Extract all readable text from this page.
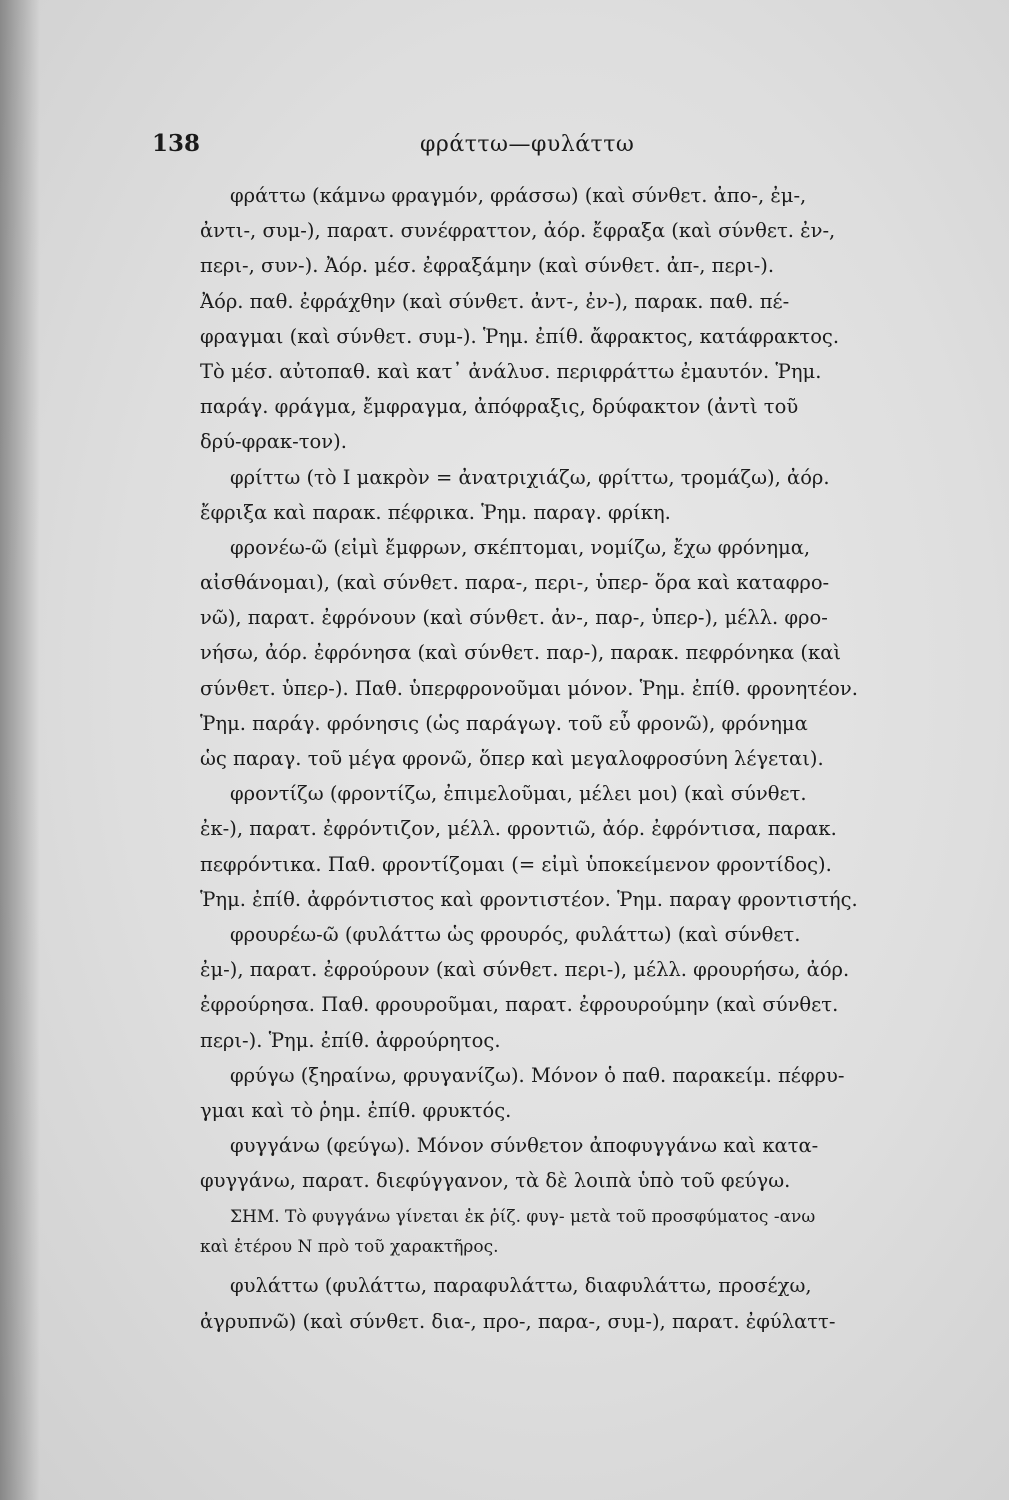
138	φράττω—φυλάττω
φράττω (κάμνω φραγμόν, φράσσω) (καὶ σύνθετ. ἀπο-, ἐμ-,
ἀντι-, συμ-), παρατ. συνέφραττον, ἀόρ. ἔφραξα (καὶ σύνθετ. ἐν-,
περι-, συν-). Ἀόρ. μέσ. ἐφραξάμην (καὶ σύνθετ. ἀπ-, περι-).
Ἀόρ. παθ. ἐφράχθην (καὶ σύνθετ. ἀντ-, ἐν-), παρακ. παθ. πέ-
φραγμαι (καὶ σύνθετ. συμ-). Ῥημ. ἐπίθ. ἄφρακτος, κατάφρακτος.
Τὸ μέσ. αὐτοπαθ. καὶ κατ᾽ ἀνάλυσ. περιφράττω ἐμαυτόν. Ῥημ.
παράγ. φράγμα, ἔμφραγμα, ἀπόφραξις, δρύφακτον (ἀντὶ τοῦ
δρύ-φρακ-τον).
φρίττω (τὸ Ι μακρὸν = ἀνατριχιάζω, φρίττω, τρομάζω), ἀόρ.
ἔφριξα καὶ παρακ. πέφρικα. Ῥημ. παραγ. φρίκη.
φρονέω-ῶ (εἰμὶ ἔμφρων, σκέπτομαι, νομίζω, ἔχω φρόνημα,
αἰσθάνομαι), (καὶ σύνθετ. παρα-, περι-, ὑπερ- ὅρα καὶ καταφρο-
νῶ), παρατ. ἐφρόνουν (καὶ σύνθετ. ἀν-, παρ-, ὑπερ-), μέλλ. φρο-
νήσω, ἀόρ. ἐφρόνησα (καὶ σύνθετ. παρ-), παρακ. πεφρόνηκα (καὶ
σύνθετ. ὑπερ-). Παθ. ὑπερφρονοῦμαι μόνον. Ῥημ. ἐπίθ. φρονητέον.
Ῥημ. παράγ. φρόνησις (ὡς παράγωγ. τοῦ εὖ φρονῶ), φρόνημα
ὡς παραγ. τοῦ μέγα φρονῶ, ὅπερ καὶ μεγαλοφροσύνη λέγεται).
φροντίζω (φροντίζω, ἐπιμελοῦμαι, μέλει μοι) (καὶ σύνθετ.
ἐκ-), παρατ. ἐφρόντιζον, μέλλ. φροντιῶ, ἀόρ. ἐφρόντισα, παρακ.
πεφρόντικα. Παθ. φροντίζομαι (= εἰμὶ ὑποκείμενον φροντίδος).
Ῥημ. ἐπίθ. ἀφρόντιστος καὶ φροντιστέον. Ῥημ. παραγ φροντιστής.
φρουρέω-ῶ (φυλάττω ὡς φρουρός, φυλάττω) (καὶ σύνθετ.
ἐμ-), παρατ. ἐφρούρουν (καὶ σύνθετ. περι-), μέλλ. φρουρήσω, ἀόρ.
ἐφρούρησα. Παθ. φρουροῦμαι, παρατ. ἐφρουρούμην (καὶ σύνθετ.
περι-). Ῥημ. ἐπίθ. ἀφρούρητος.
φρύγω (ξηραίνω, φρυγανίζω). Μόνον ὁ παθ. παρακείμ. πέφρυ-
γμαι καὶ τὸ ῥημ. ἐπίθ. φρυκτός.
φυγγάνω (φεύγω). Μόνον σύνθετον ἀποφυγγάνω καὶ κατα-
φυγγάνω, παρατ. διεφύγγανον, τὰ δὲ λοιπὰ ὑπὸ τοῦ φεύγω.
ΣΗΜ. Τὸ φυγγάνω γίνεται ἐκ ῥίζ. φυγ- μετὰ τοῦ προσφύματος -ανω
καὶ ἑτέρου Ν πρὸ τοῦ χαρακτῆρος.
φυλάττω (φυλάττω, παραφυλάττω, διαφυλάττω, προσέχω,
ἀγρυπνῶ) (καὶ σύνθετ. δια-, προ-, παρα-, συμ-), παρατ. ἐφύλαττ-
